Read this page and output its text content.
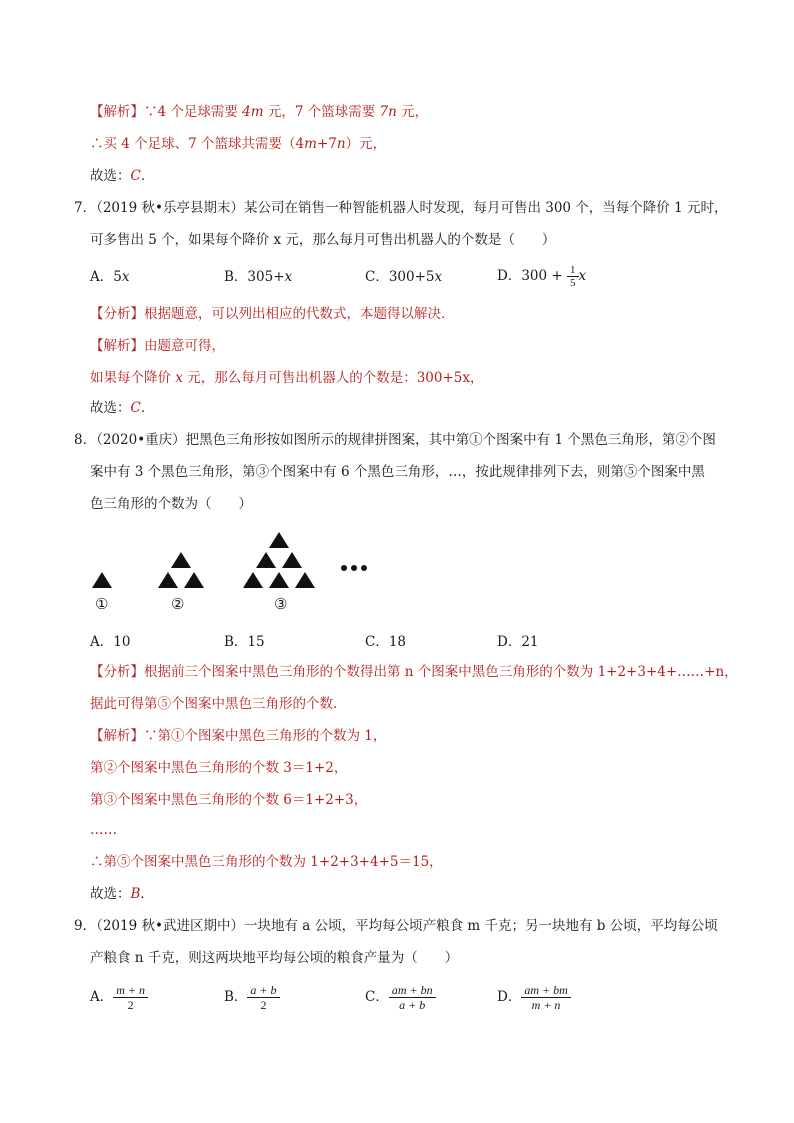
【解析】∵4 个足球需要 4m 元，7 个篮球需要 7n 元，
∴买 4 个足球、7 个篮球共需要（4m+7n）元，
故选：C．
7．（2019 秋•乐亭县期末）某公司在销售一种智能机器人时发现，每月可售出 300 个，当每个降价 1 元时，
可多售出 5 个，如果每个降价 x 元，那么每月可售出机器人的个数是（　　）
A．5x	B．305+x	C．300+5x	D．$300 + \frac{1}{5}$ x
【分析】根据题意，可以列出相应的代数式，本题得以解决．
【解析】由题意可得，
如果每个降价 x 元，那么每月可售出机器人的个数是：300+5x，
故选：C．
8．（2020•重庆）把黑色三角形按如图所示的规律拼图案，其中第①个图案中有 1 个黑色三角形，第②个图
案中有 3 个黑色三角形，第③个图案中有 6 个黑色三角形，…，按此规律排列下去，则第⑤个图案中黑
色三角形的个数为（　　）
①	②	③
A．10	B．15	C．18	D．21
【分析】根据前三个图案中黑色三角形的个数得出第 n 个图案中黑色三角形的个数为 1+2+3+4+……+n，
据此可得第⑤个图案中黑色三角形的个数．
【解析】∵第①个图案中黑色三角形的个数为 1，
第②个图案中黑色三角形的个数 3＝1+2，
第③个图案中黑色三角形的个数 6＝1+2+3，
……
∴第⑤个图案中黑色三角形的个数为 1+2+3+4+5＝15，
故选：B．
9．（2019 秋•武进区期中）一块地有 a 公顷，平均每公顷产粮食 m 千克；另一块地有 b 公顷，平均每公顷
产粮食 n 千克，则这两块地平均每公顷的粮食产量为（　　）
A． $\frac{m + n}{2}$	B． $\frac{a + b}{2}$	C． $\frac{am + bn}{a + b}$	D． $\frac{am + bm}{m + n}$
